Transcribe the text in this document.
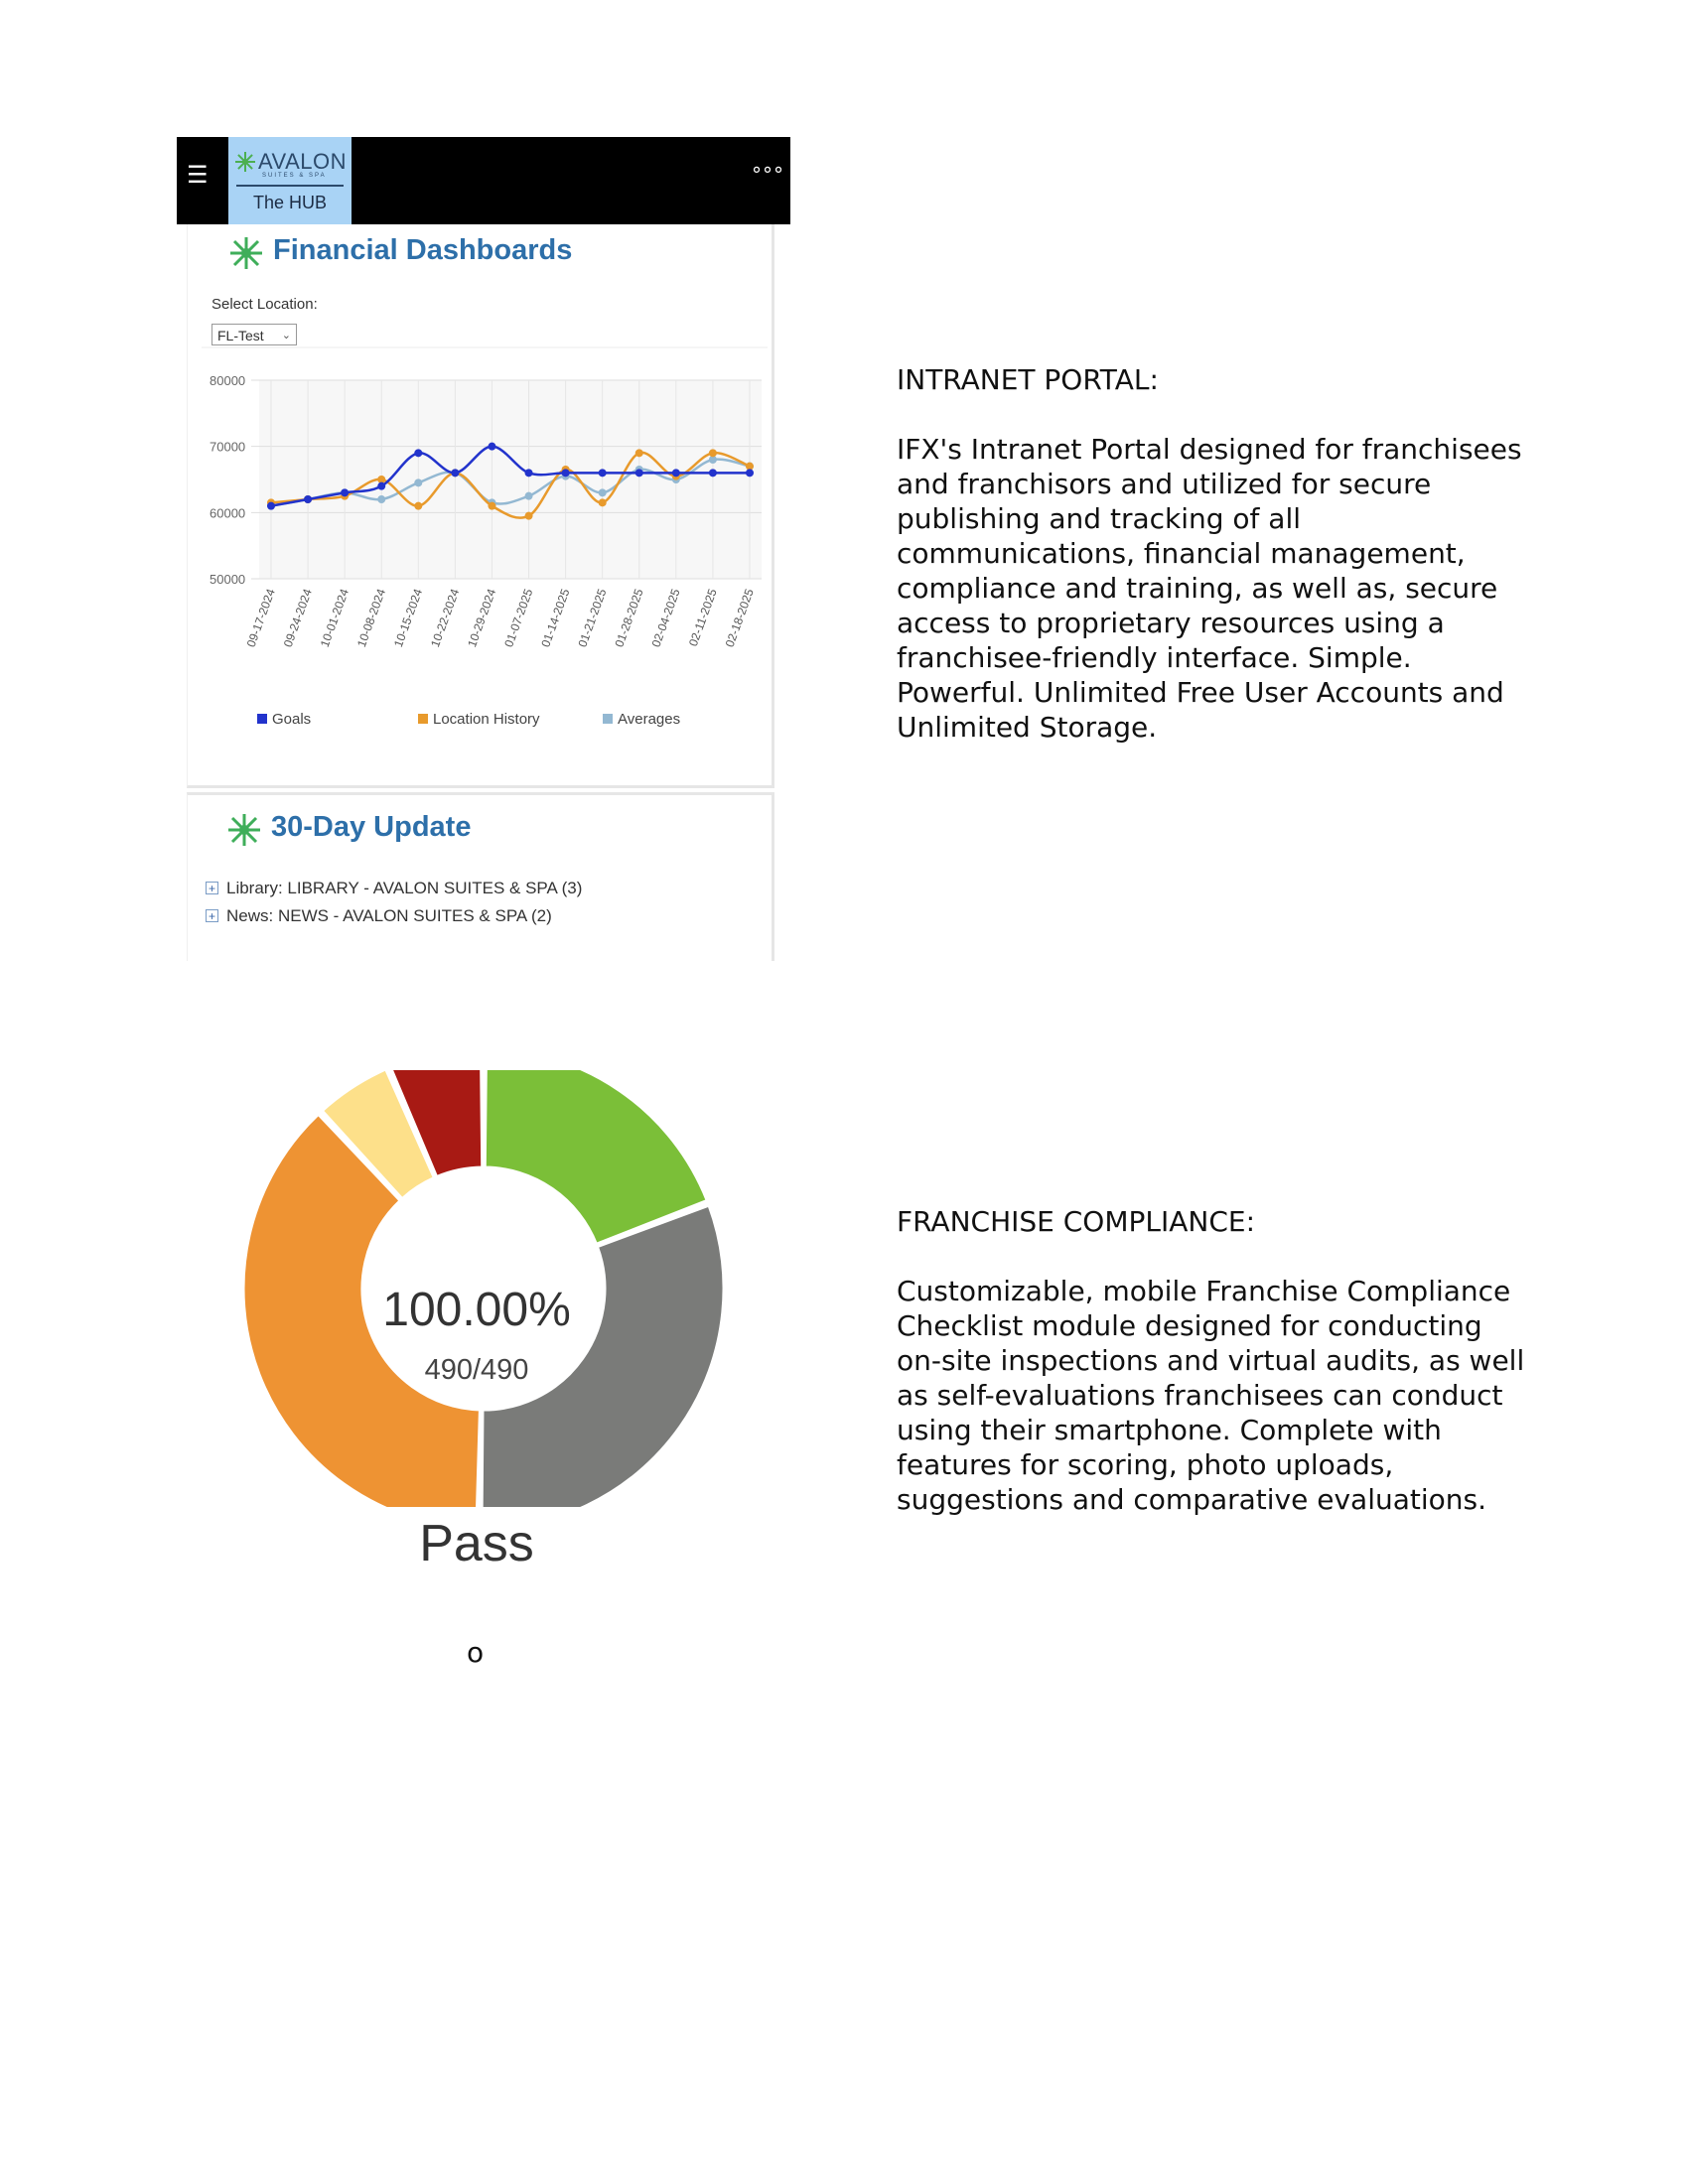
☰ AVALON
SUITES & SPA
The HUB
°°°
Financial Dashboards
Select Location:
FL-Test ⌄
80000
70000
60000
50000
09-17-2024 09-24-2024 10-01-2024 10-08-2024 10-15-2024 10-22-2024 10-29-2024 01-07-2025 01-14-2025 01-21-2025 01-28-2025 02-04-2025 02-11-2025 02-18-2025
Goals	Location History	Averages
30-Day Update
+ Library: LIBRARY - AVALON SUITES & SPA (3)
+ News: NEWS - AVALON SUITES & SPA (2)
100.00%
490/490
Pass
o
INTRANET PORTAL:
IFX's Intranet Portal designed for franchisees and franchisors and utilized for secure publishing and tracking of all communications, financial management, compliance and training, as well as, secure access to proprietary resources using a franchisee-friendly interface. Simple. Powerful. Unlimited Free User Accounts and Unlimited Storage.
FRANCHISE COMPLIANCE:
Customizable, mobile Franchise Compliance Checklist module designed for conducting on-site inspections and virtual audits, as well as self-evaluations franchisees can conduct using their smartphone. Complete with features for scoring, photo uploads, suggestions and comparative evaluations.
